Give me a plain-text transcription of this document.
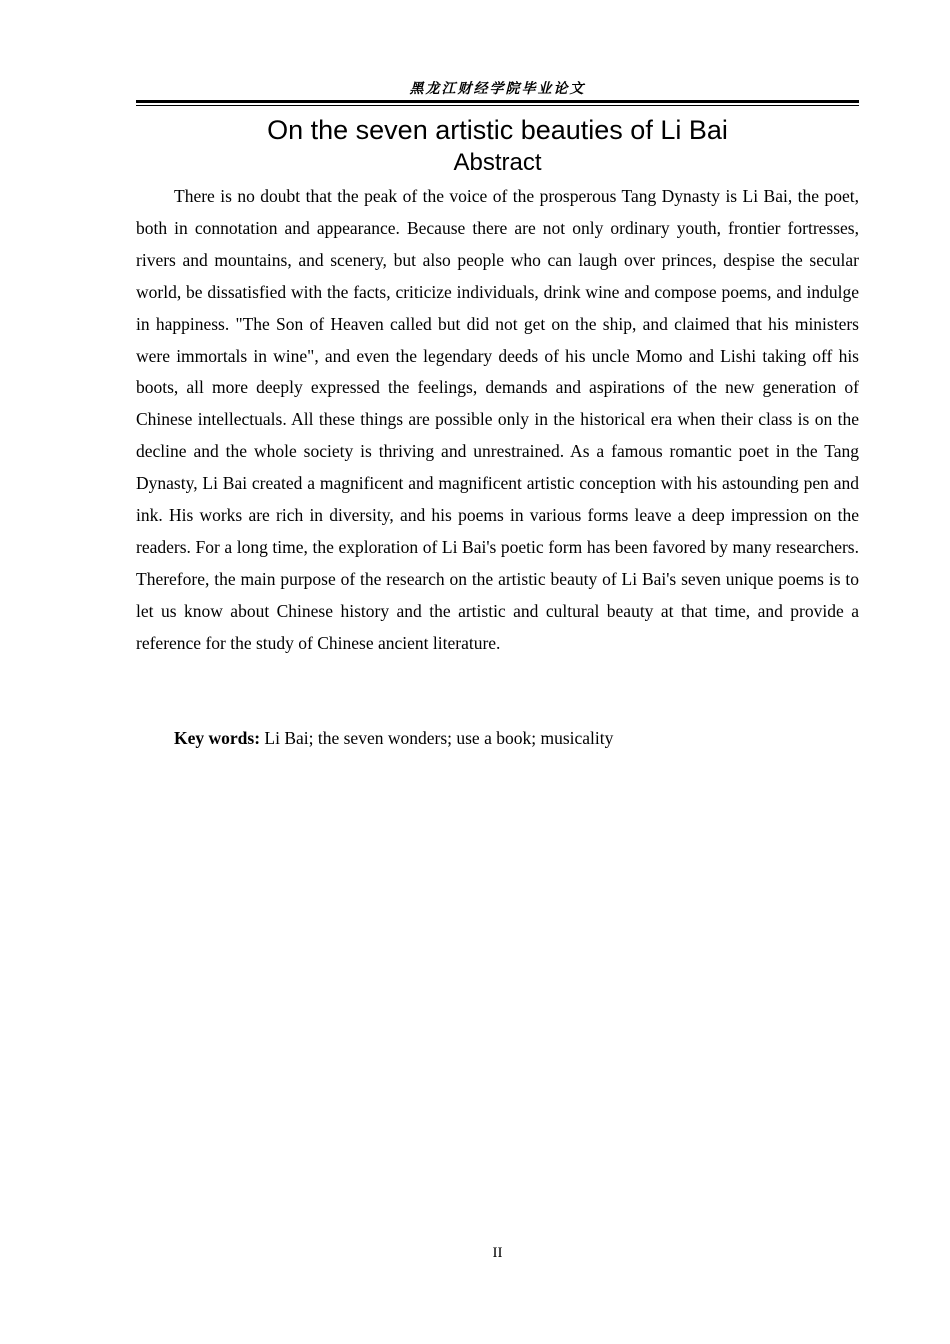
黑龙江财经学院毕业论文
On the seven artistic beauties of Li Bai
Abstract

There is no doubt that the peak of the voice of the prosperous Tang Dynasty is Li Bai, the poet, both in connotation and appearance. Because there are not only ordinary youth, frontier fortresses, rivers and mountains, and scenery, but also people who can laugh over princes, despise the secular world, be dissatisfied with the facts, criticize individuals, drink wine and compose poems, and indulge in happiness. "The Son of Heaven called but did not get on the ship, and claimed that his ministers were immortals in wine", and even the legendary deeds of his uncle Momo and Lishi taking off his boots, all more deeply expressed the feelings, demands and aspirations of the new generation of Chinese intellectuals. All these things are possible only in the historical era when their class is on the decline and the whole society is thriving and unrestrained. As a famous romantic poet in the Tang Dynasty, Li Bai created a magnificent and magnificent artistic conception with his astounding pen and ink. His works are rich in diversity, and his poems in various forms leave a deep impression on the readers. For a long time, the exploration of Li Bai's poetic form has been favored by many researchers. Therefore, the main purpose of the research on the artistic beauty of Li Bai's seven unique poems is to let us know about Chinese history and the artistic and cultural beauty at that time, and provide a reference for the study of Chinese ancient literature.

Key words: Li Bai; the seven wonders; use a book; musicality

II
